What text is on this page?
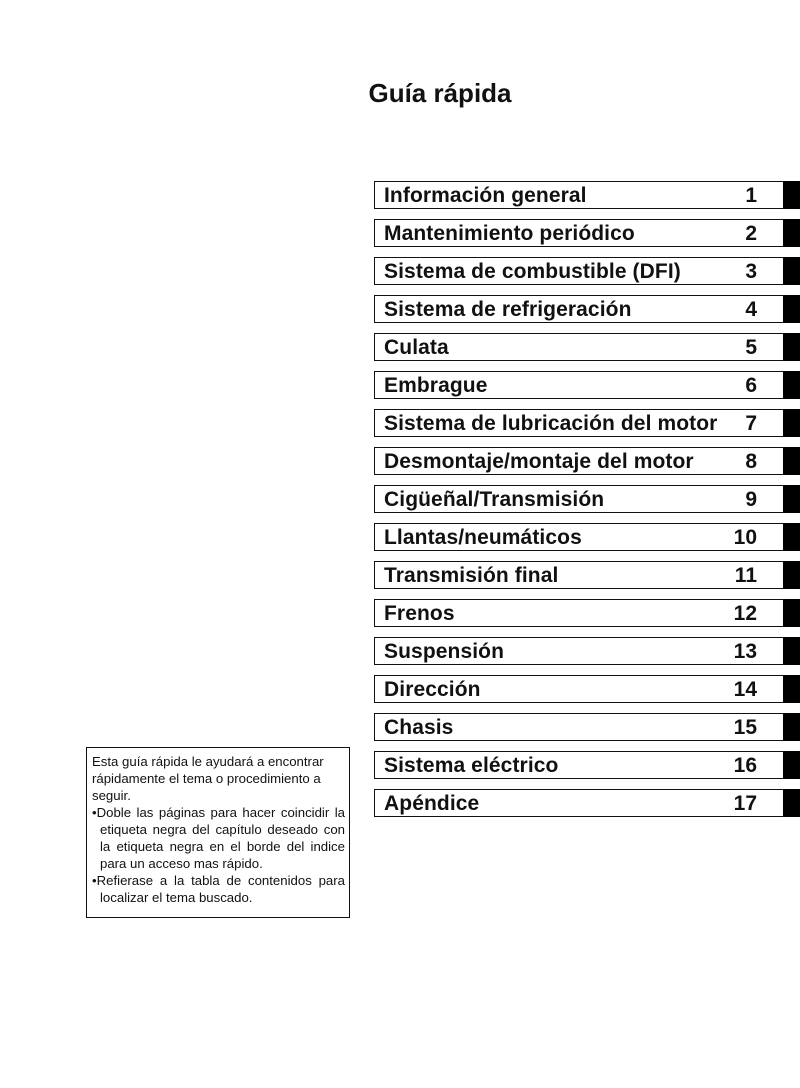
Guía rápida
Información general	1
Mantenimiento periódico	2
Sistema de combustible (DFI)	3
Sistema de refrigeración	4
Culata	5
Embrague	6
Sistema de lubricación del motor 7
Desmontaje/montaje del motor 8
Cigüeñal/Transmisión	9
Llantas/neumáticos	10
Transmisión final	11
Frenos	12
Suspensión	13
Dirección	14
Chasis	15
Sistema eléctrico	16
Apéndice	17

Esta guía rápida le ayudará a encontrar rápidamente el tema o procedimiento a seguir.

•Doble las páginas para hacer coincidir la etiqueta negra del capítulo deseado con la etiqueta negra en el borde del indice para un acceso mas rápido.

•Refierase a la tabla de contenidos para localizar el tema buscado.
